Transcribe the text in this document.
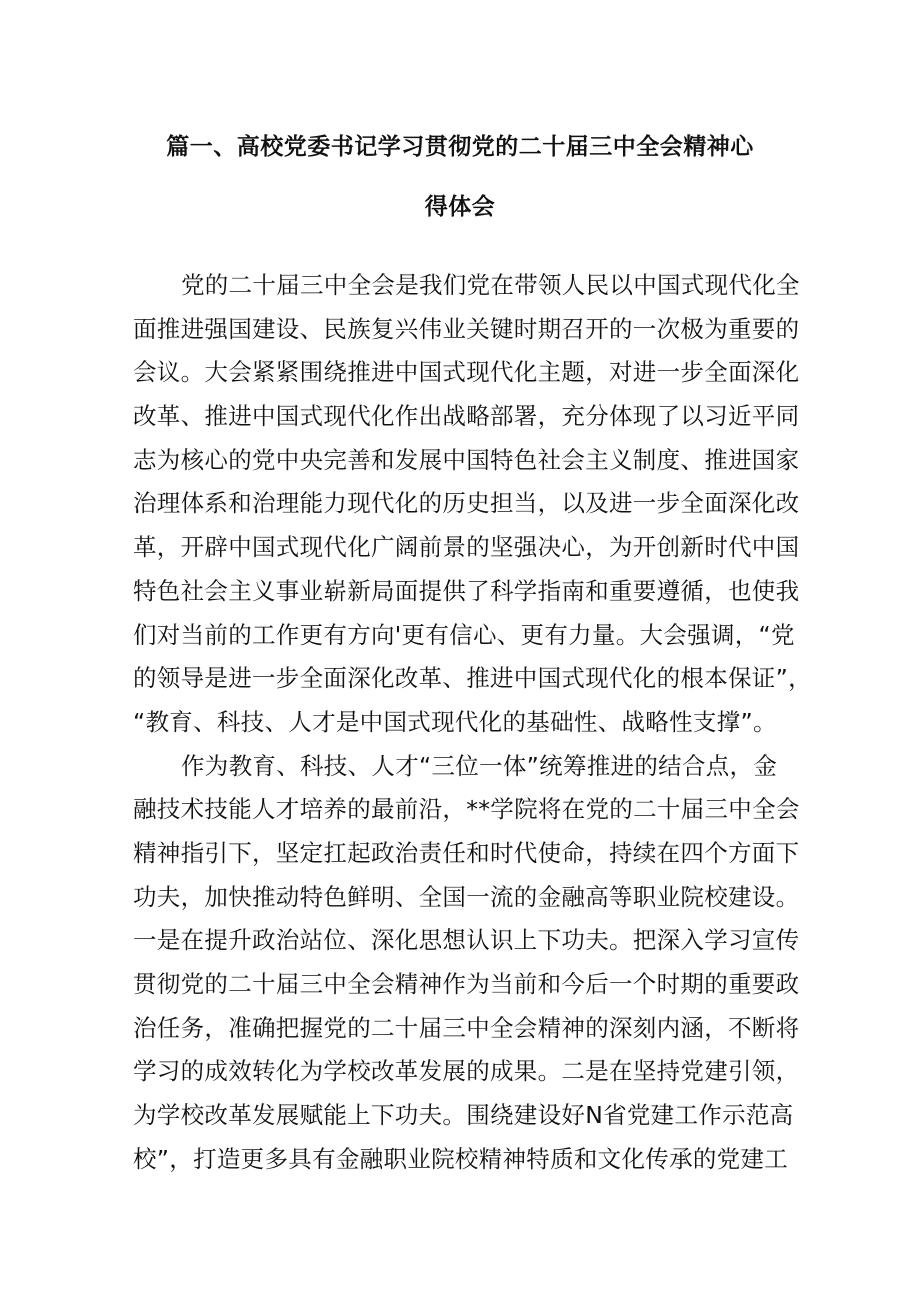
篇一、高校党委书记学习贯彻党的二十届三中全会精神心
得体会
党的二十届三中全会是我们党在带领人民以中国式现代化全
面推进强国建设、民族复兴伟业关键时期召开的一次极为重要的
会议。大会紧紧围绕推进中国式现代化主题，对进一步全面深化
改革、推进中国式现代化作出战略部署，充分体现了以习近平同
志为核心的党中央完善和发展中国特色社会主义制度、推进国家
治理体系和治理能力现代化的历史担当，以及进一步全面深化改
革，开辟中国式现代化广阔前景的坚强决心，为开创新时代中国
特色社会主义事业崭新局面提供了科学指南和重要遵循，也使我
们对当前的工作更有方向'更有信心、更有力量。大会强调，“党
的领导是进一步全面深化改革、推进中国式现代化的根本保证”，
“教育、科技、人才是中国式现代化的基础性、战略性支撑”。
作为教育、科技、人才“三位一体”统筹推进的结合点，金
融技术技能人才培养的最前沿，**学院将在党的二十届三中全会
精神指引下，坚定扛起政治责任和时代使命，持续在四个方面下
功夫，加快推动特色鲜明、全国一流的金融高等职业院校建设。
一是在提升政治站位、深化思想认识上下功夫。把深入学习宣传
贯彻党的二十届三中全会精神作为当前和今后一个时期的重要政
治任务，准确把握党的二十届三中全会精神的深刻内涵，不断将
学习的成效转化为学校改革发展的成果。二是在坚持党建引领，
为学校改革发展赋能上下功夫。围绕建设好N省党建工作示范高
校”，打造更多具有金融职业院校精神特质和文化传承的党建工
